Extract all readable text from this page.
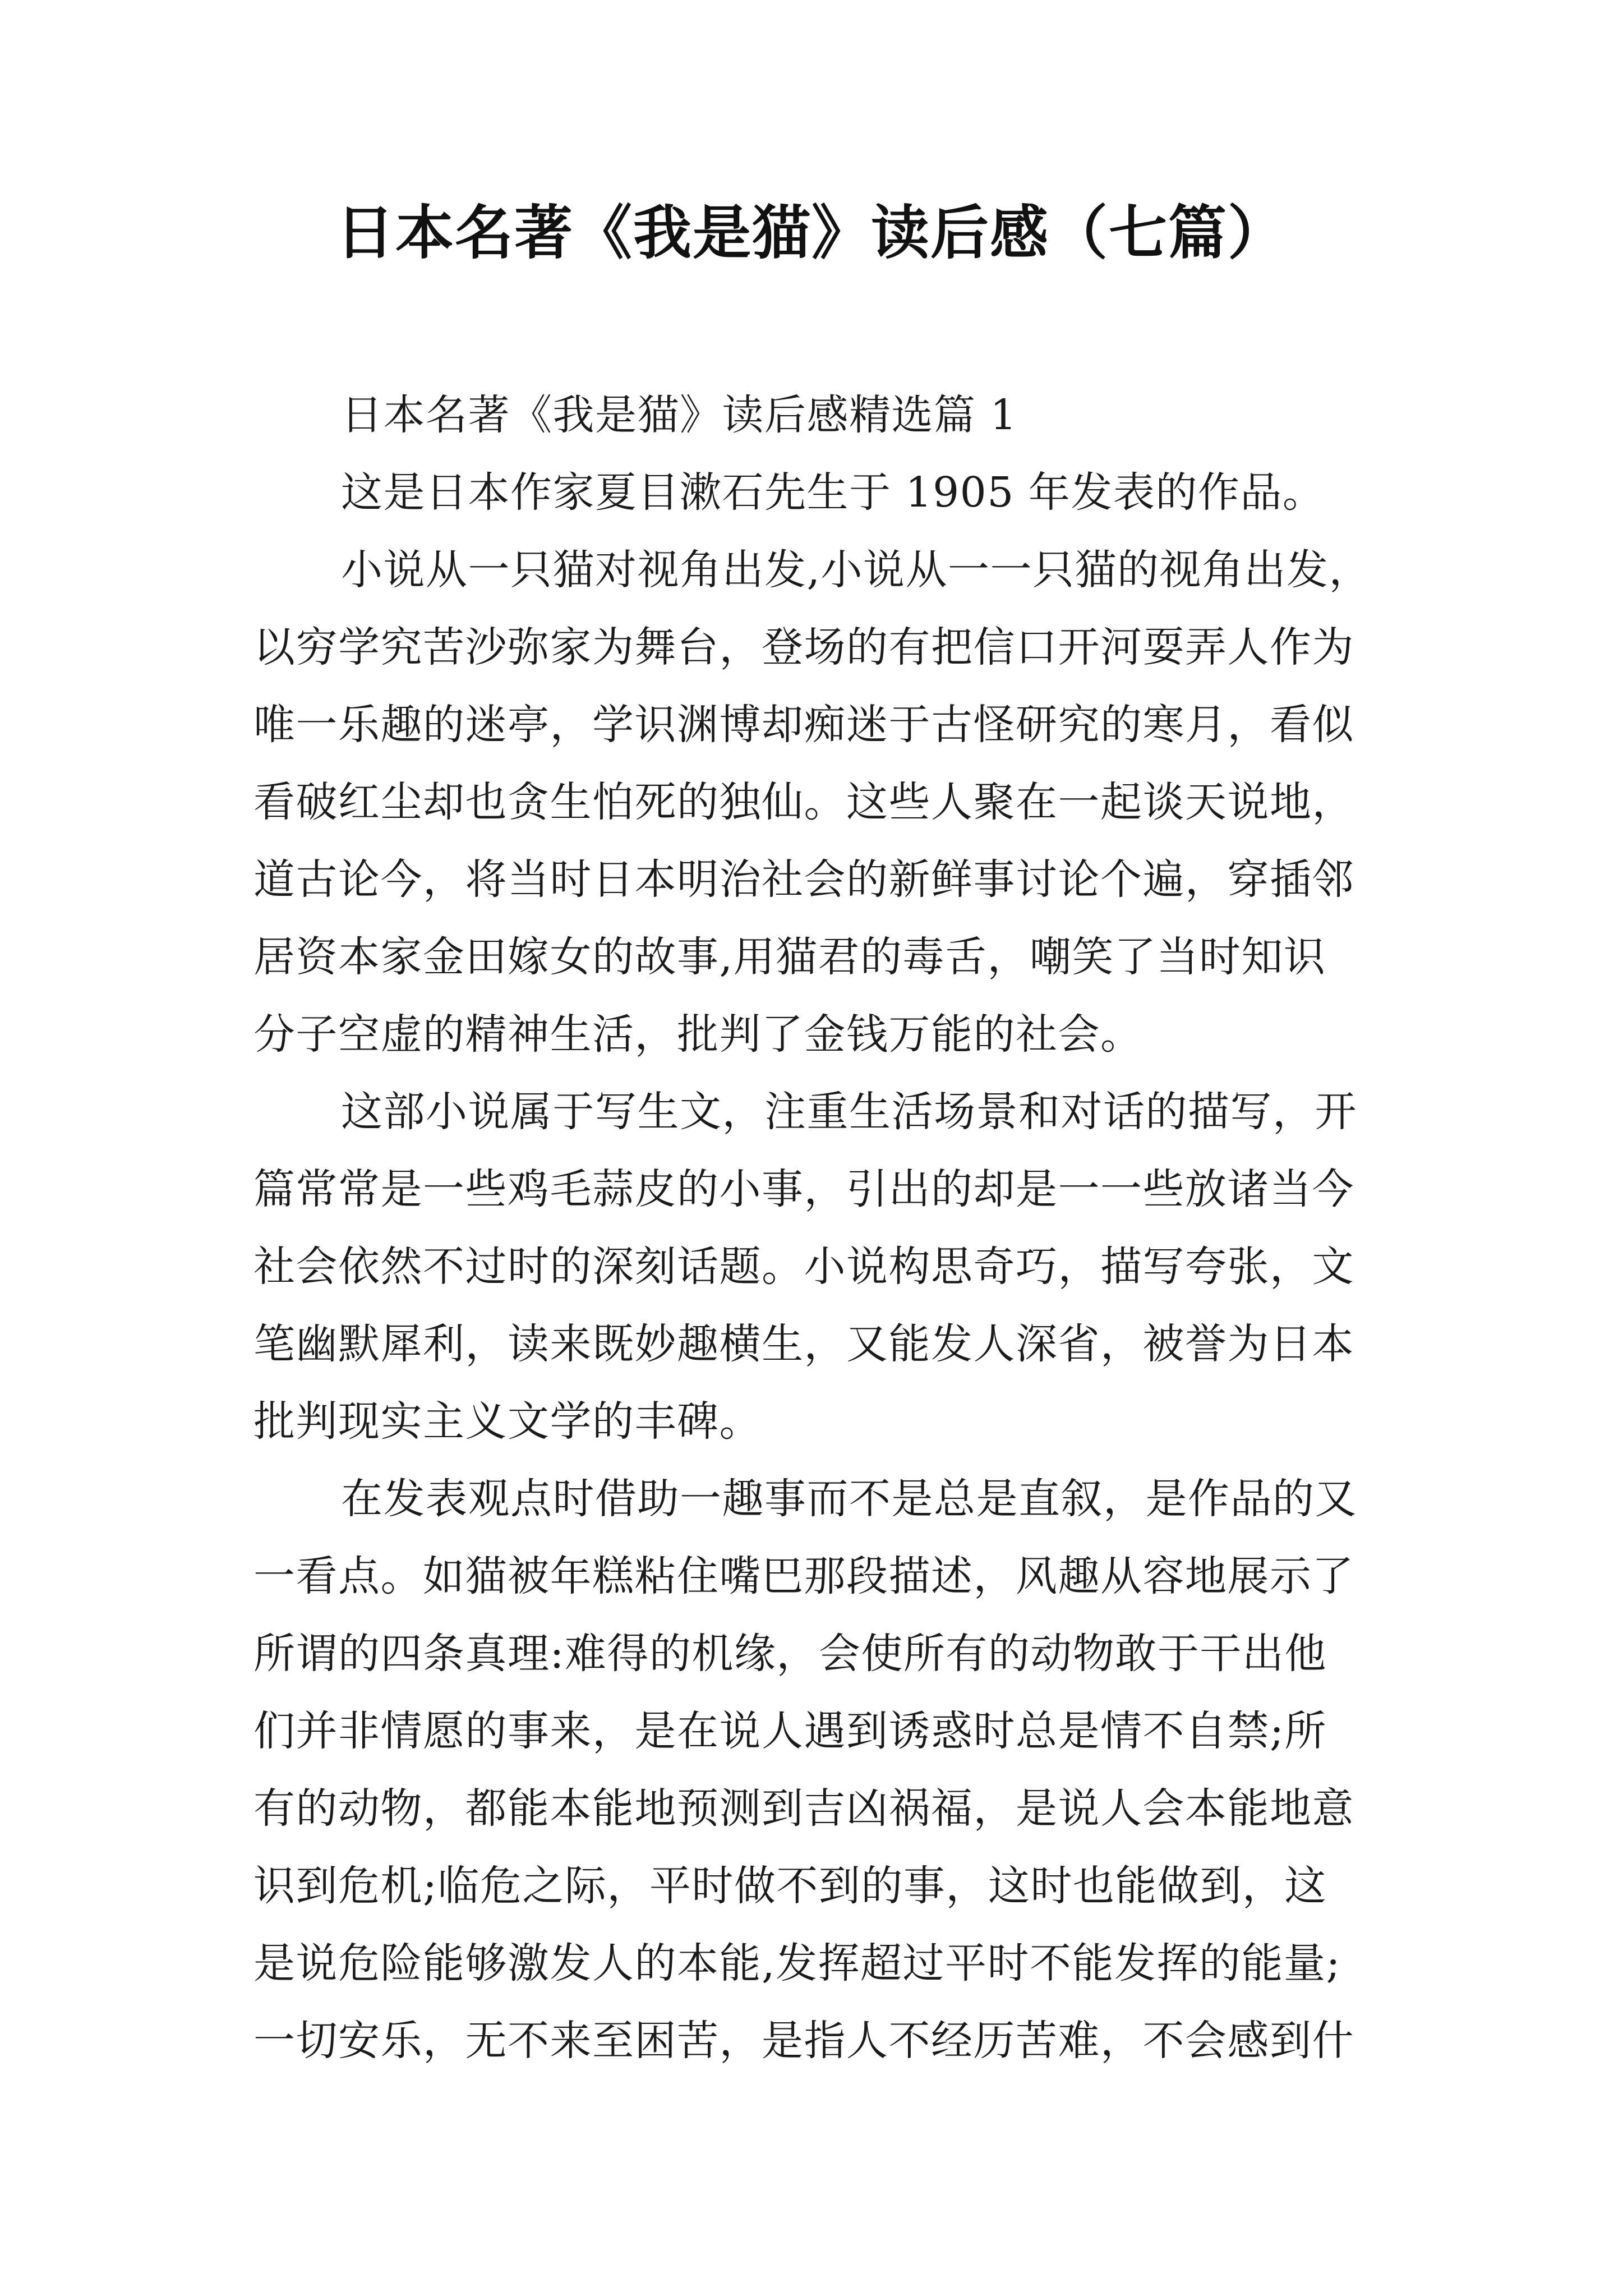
日本名著《我是猫》读后感（七篇）
日本名著《我是猫》读后感精选篇 1
这是日本作家夏目漱石先生于 1905 年发表的作品。
小说从一只猫对视角出发,小说从一一只猫的视角出发，
以穷学究苦沙弥家为舞台，登场的有把信口开河耍弄人作为
唯一乐趣的迷亭，学识渊博却痴迷于古怪研究的寒月，看似
看破红尘却也贪生怕死的独仙。这些人聚在一起谈天说地，
道古论今，将当时日本明治社会的新鲜事讨论个遍，穿插邻
居资本家金田嫁女的故事,用猫君的毒舌，嘲笑了当时知识
分子空虚的精神生活，批判了金钱万能的社会。
这部小说属于写生文，注重生活场景和对话的描写，开
篇常常是一些鸡毛蒜皮的小事，引出的却是一一些放诸当今
社会依然不过时的深刻话题。小说构思奇巧，描写夸张，文
笔幽默犀利，读来既妙趣横生，又能发人深省，被誉为日本
批判现实主义文学的丰碑。
在发表观点时借助一趣事而不是总是直叙，是作品的又
一看点。如猫被年糕粘住嘴巴那段描述，风趣从容地展示了
所谓的四条真理:难得的机缘，会使所有的动物敢于干出他
们并非情愿的事来，是在说人遇到诱惑时总是情不自禁;所
有的动物，都能本能地预测到吉凶祸福，是说人会本能地意
识到危机;临危之际，平时做不到的事，这时也能做到，这
是说危险能够激发人的本能,发挥超过平时不能发挥的能量;
一切安乐，无不来至困苦，是指人不经历苦难，不会感到什
